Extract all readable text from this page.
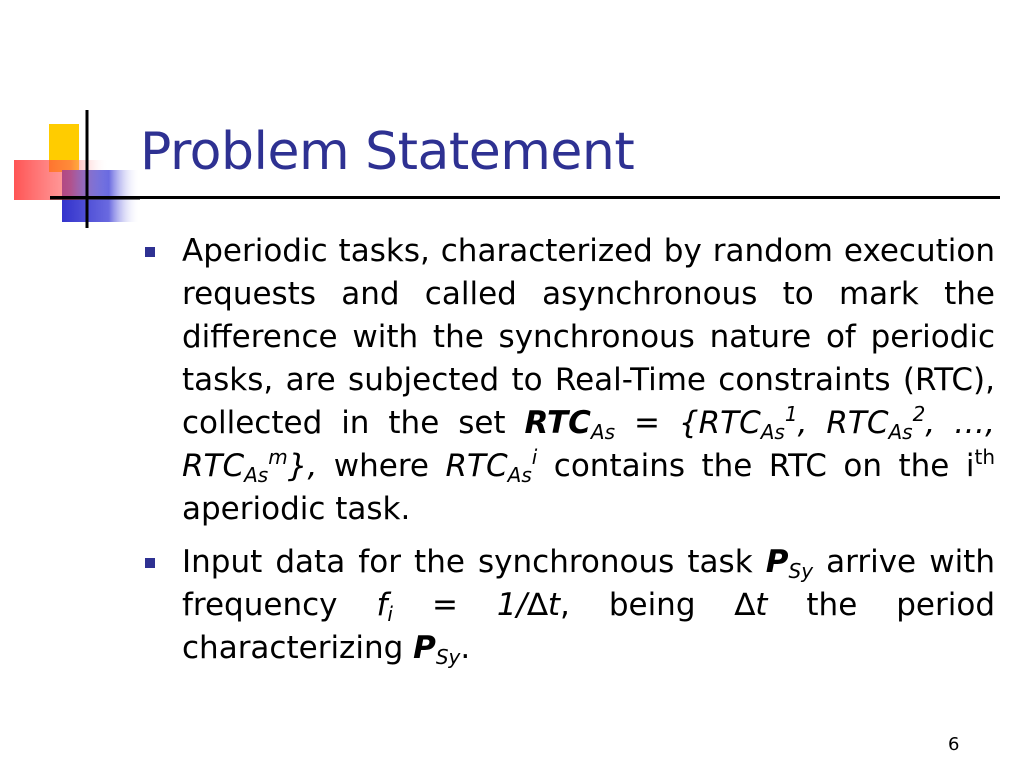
Problem Statement
Aperiodic tasks, characterized by random execution requests and called asynchronous to mark the difference with the synchronous nature of periodic tasks, are subjected to Real-Time constraints (RTC), collected in the set $RTC_{As} = \{RTC_{As}^1$, $RTC_{As}^2$, …, $RTC_{As}^m$}, where $RTC_{As}^i$ contains the RTC on the $i^{th}$ aperiodic task.
Input data for the synchronous task $P_{Sy}$ arrive with frequency $f_i = 1/\Delta t$, being ∆t the period characterizing $P_{Sy}$.
6
